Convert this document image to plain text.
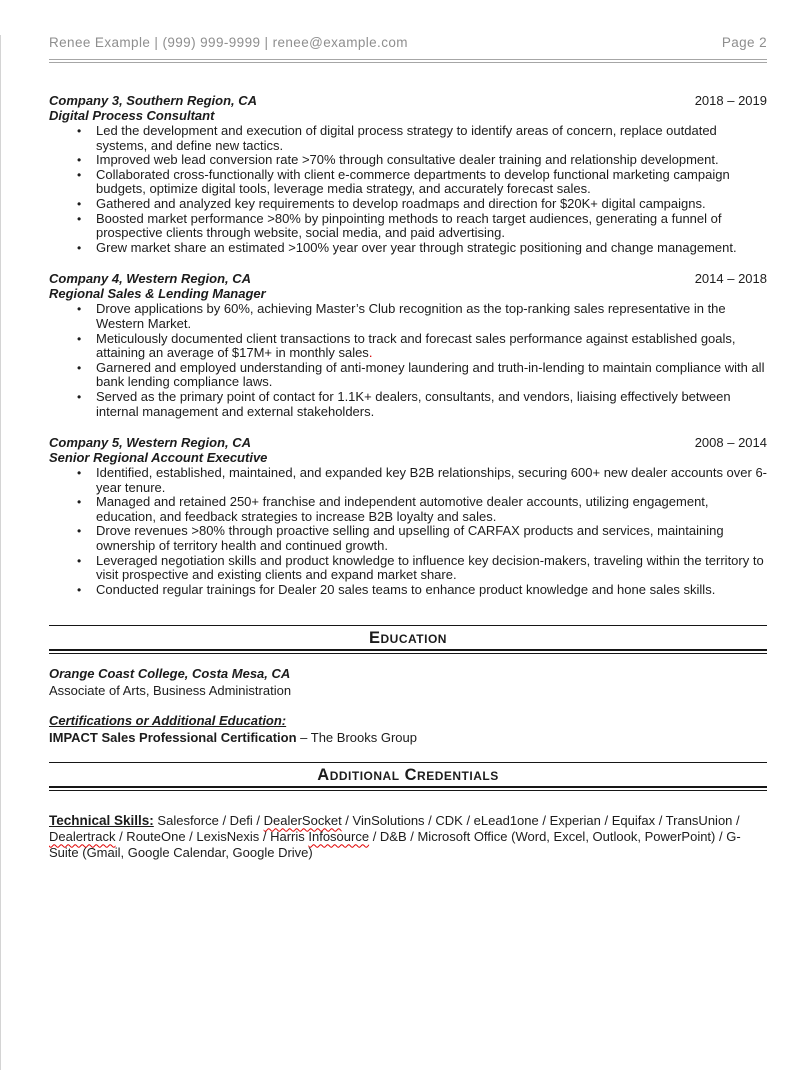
Renee Example | (999) 999-9999 | renee@example.com	Page 2
Company 3, Southern Region, CA	2018 – 2019
Digital Process Consultant
• Led the development and execution of digital process strategy to identify areas of concern, replace outdated systems, and define new tactics.
• Improved web lead conversion rate >70% through consultative dealer training and relationship development.
• Collaborated cross-functionally with client e-commerce departments to develop functional marketing campaign budgets, optimize digital tools, leverage media strategy, and accurately forecast sales.
• Gathered and analyzed key requirements to develop roadmaps and direction for $20K+ digital campaigns.
• Boosted market performance >80% by pinpointing methods to reach target audiences, generating a funnel of prospective clients through website, social media, and paid advertising.
• Grew market share an estimated >100% year over year through strategic positioning and change management.
Company 4, Western Region, CA	2014 – 2018
Regional Sales & Lending Manager
• Drove applications by 60%, achieving Master’s Club recognition as the top-ranking sales representative in the Western Market.
• Meticulously documented client transactions to track and forecast sales performance against established goals, attaining an average of $17M+ in monthly sales.
• Garnered and employed understanding of anti-money laundering and truth-in-lending to maintain compliance with all bank lending compliance laws.
• Served as the primary point of contact for 1.1K+ dealers, consultants, and vendors, liaising effectively between internal management and external stakeholders.
Company 5, Western Region, CA	2008 – 2014
Senior Regional Account Executive
• Identified, established, maintained, and expanded key B2B relationships, securing 600+ new dealer accounts over 6-year tenure.
• Managed and retained 250+ franchise and independent automotive dealer accounts, utilizing engagement, education, and feedback strategies to increase B2B loyalty and sales.
• Drove revenues >80% through proactive selling and upselling of CARFAX products and services, maintaining ownership of territory health and continued growth.
• Leveraged negotiation skills and product knowledge to influence key decision-makers, traveling within the territory to visit prospective and existing clients and expand market share.
• Conducted regular trainings for Dealer 20 sales teams to enhance product knowledge and hone sales skills.
Education
Orange Coast College, Costa Mesa, CA
Associate of Arts, Business Administration
Certifications or Additional Education:
IMPACT Sales Professional Certification – The Brooks Group
Additional Credentials

Technical Skills: Salesforce / Defi / DealerSocket / VinSolutions / CDK / eLead1one / Experian / Equifax / TransUnion / Dealertrack / RouteOne / LexisNexis / Harris Infosource / D&B / Microsoft Office (Word, Excel, Outlook, PowerPoint) / G-Suite (Gmail, Google Calendar, Google Drive)
